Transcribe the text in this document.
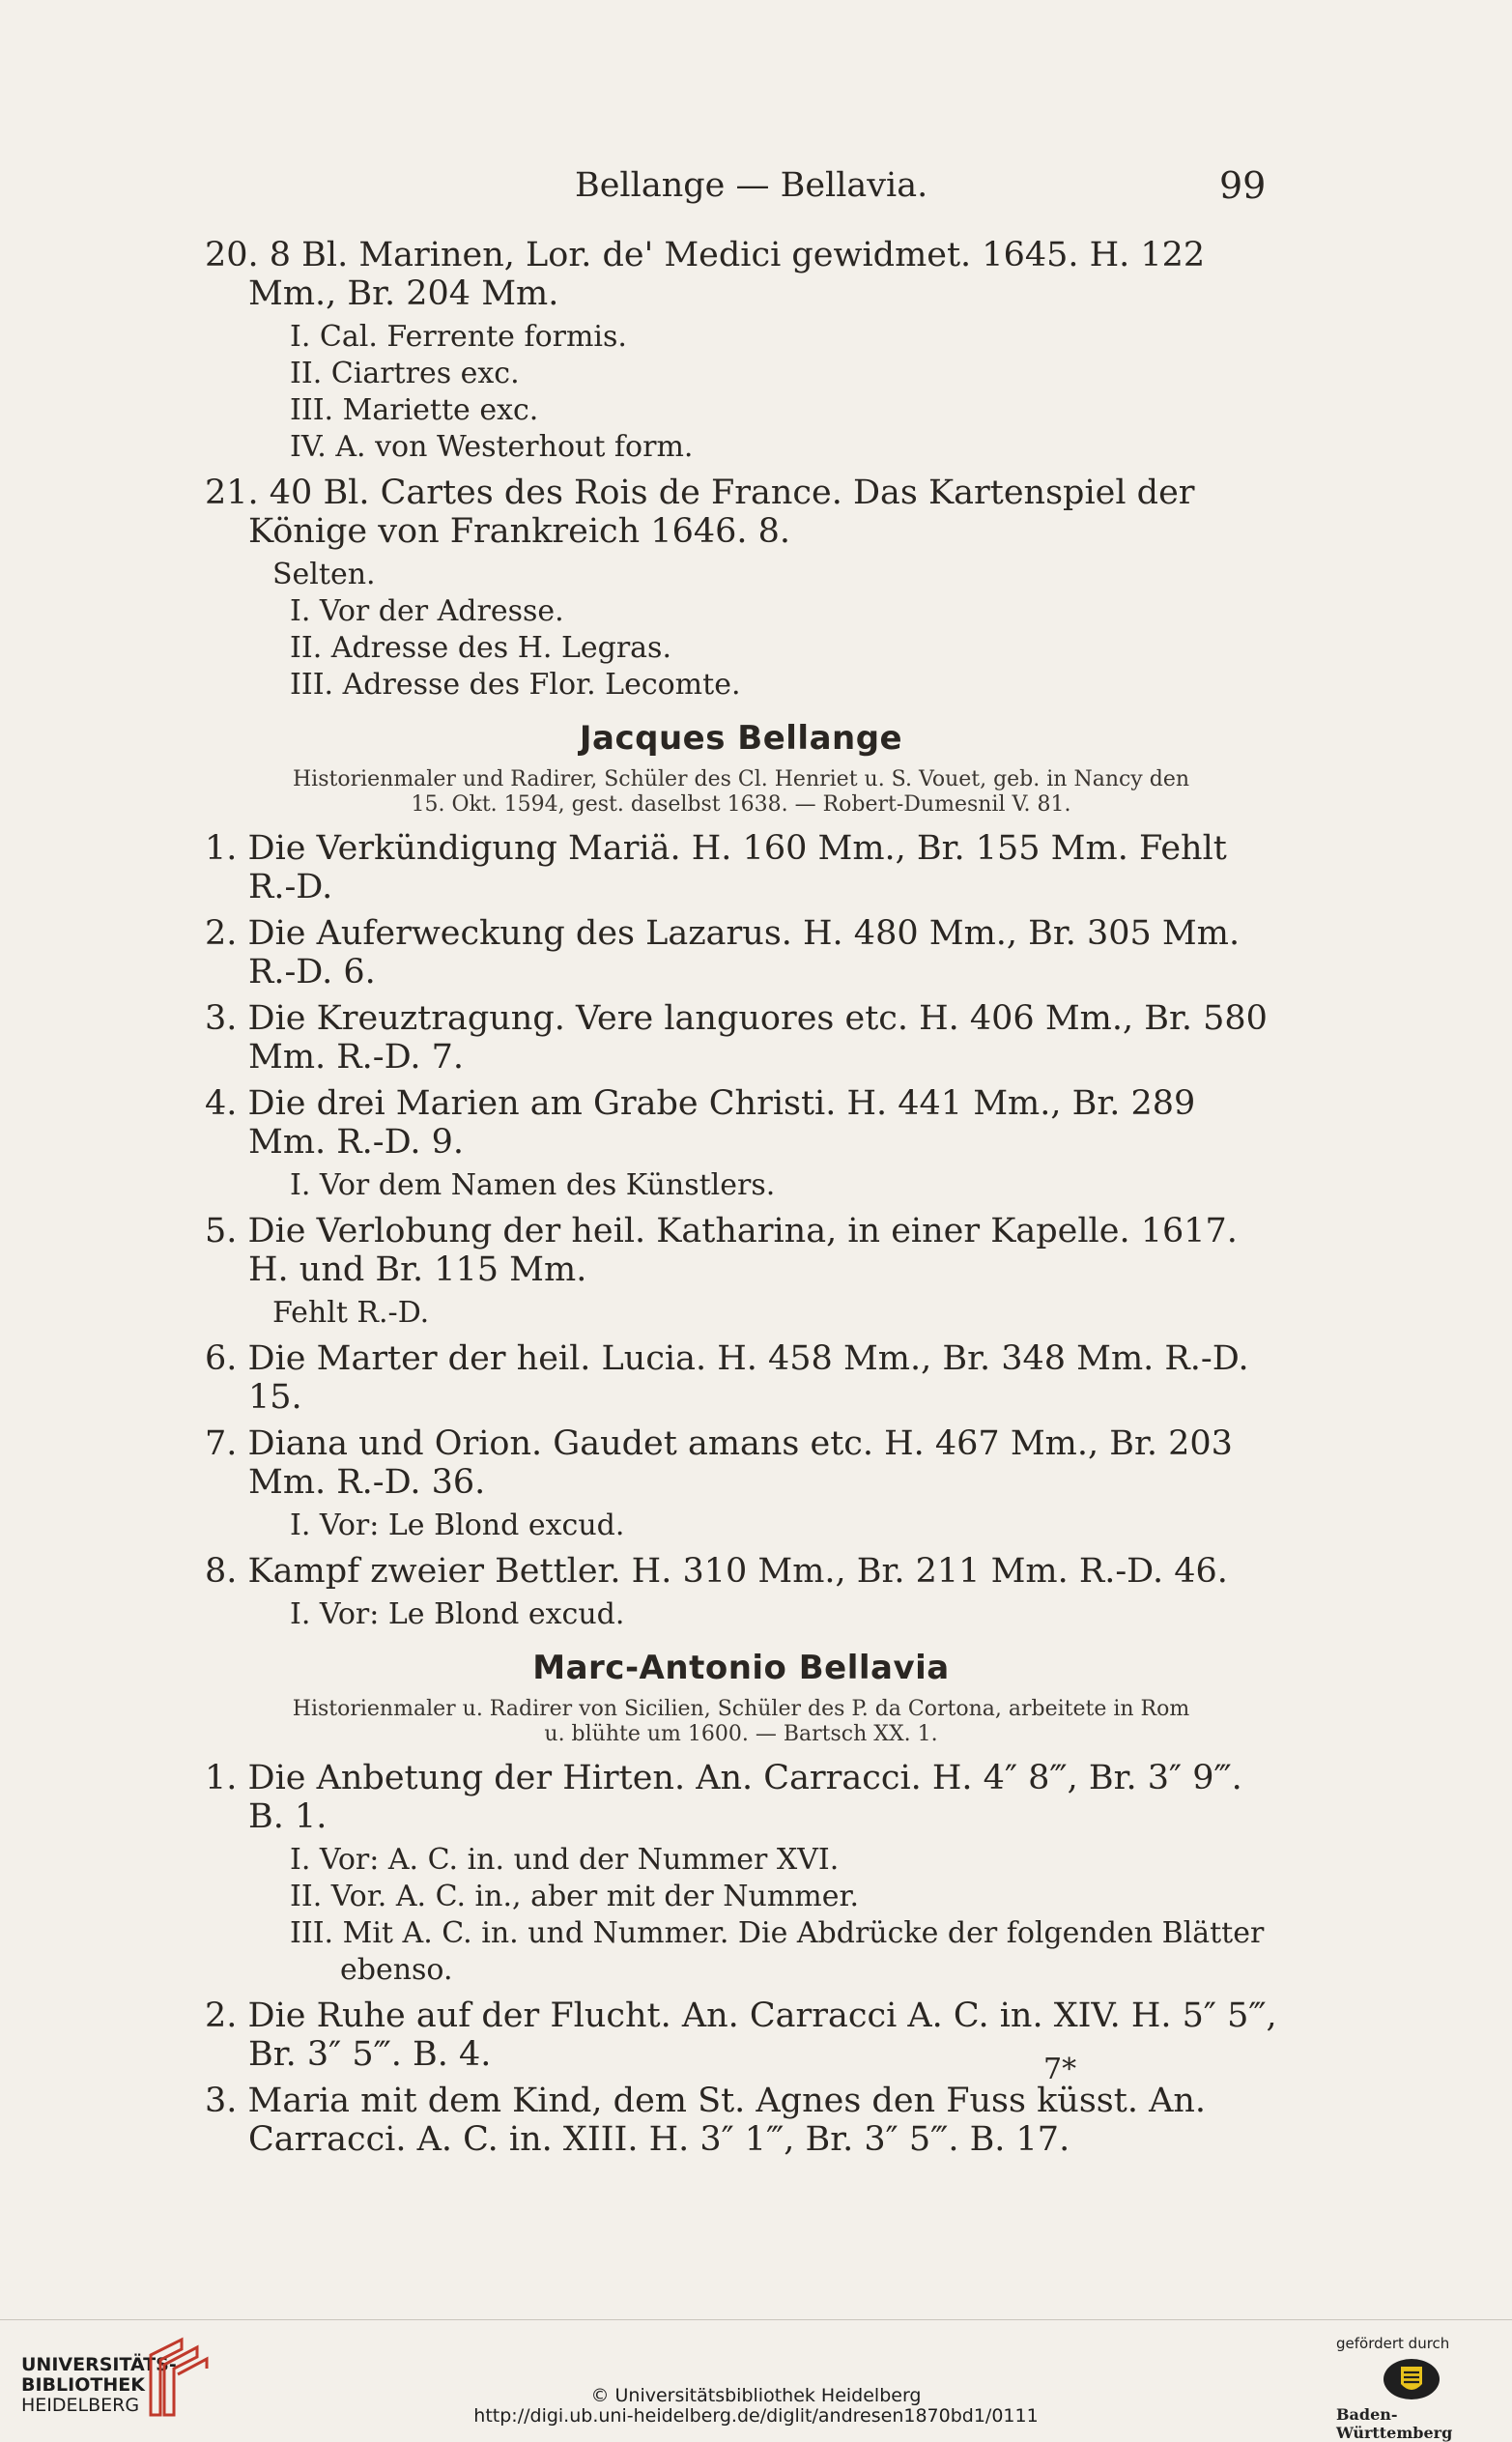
Bellange — Bellavia.	99

20. 8 Bl. Marinen, Lor. de' Medici gewidmet. 1645. H. 122 Mm., Br. 204 Mm.

I. Cal. Ferrente formis.

II. Ciartres exc.

III. Mariette exc.

IV. A. von Westerhout form.

21. 40 Bl. Cartes des Rois de France. Das Kartenspiel der Könige von Frankreich 1646. 8.

Selten.

I. Vor der Adresse.

II. Adresse des H. Legras.

III. Adresse des Flor. Lecomte.

Jacques Bellange

Historienmaler und Radirer, Schüler des Cl. Henriet u. S. Vouet, geb. in Nancy den
15. Okt. 1594, gest. daselbst 1638. — Robert-Dumesnil V. 81.

1. Die Verkündigung Mariä. H. 160 Mm., Br. 155 Mm. Fehlt R.-D.

2. Die Auferweckung des Lazarus. H. 480 Mm., Br. 305 Mm. R.-D. 6.

3. Die Kreuztragung. Vere languores etc. H. 406 Mm., Br. 580 Mm. R.-D. 7.

4. Die drei Marien am Grabe Christi. H. 441 Mm., Br. 289 Mm. R.-D. 9.

I. Vor dem Namen des Künstlers.

5. Die Verlobung der heil. Katharina, in einer Kapelle. 1617. H. und Br. 115 Mm.

Fehlt R.-D.

6. Die Marter der heil. Lucia. H. 458 Mm., Br. 348 Mm. R.-D. 15.

7. Diana und Orion. Gaudet amans etc. H. 467 Mm., Br. 203 Mm. R.-D. 36.

I. Vor: Le Blond excud.

8. Kampf zweier Bettler. H. 310 Mm., Br. 211 Mm. R.-D. 46.

I. Vor: Le Blond excud.

Marc-Antonio Bellavia

Historienmaler u. Radirer von Sicilien, Schüler des P. da Cortona, arbeitete in Rom
u. blühte um 1600. — Bartsch XX. 1.

1. Die Anbetung der Hirten. An. Carracci. H. 4″ 8‴, Br. 3″ 9‴. B. 1.

I. Vor: A. C. in. und der Nummer XVI.

II. Vor. A. C. in., aber mit der Nummer.

III. Mit A. C. in. und Nummer. Die Abdrücke der folgenden Blätter ebenso.

2. Die Ruhe auf der Flucht. An. Carracci A. C. in. XIV. H. 5″ 5‴, Br. 3″ 5‴. B. 4.

3. Maria mit dem Kind, dem St. Agnes den Fuss küsst. An. Carracci. A. C. in. XIII. H. 3″ 1‴, Br. 3″ 5‴. B. 17.

7*
UNIVERSITÄTS-
BIBLIOTHEK
HEIDELBERG	© Universitätsbibliothek Heidelberg
http://digi.ub.uni-heidelberg.de/diglit/andresen1870bd1/0111
gefördert durch
Baden-Württemberg
